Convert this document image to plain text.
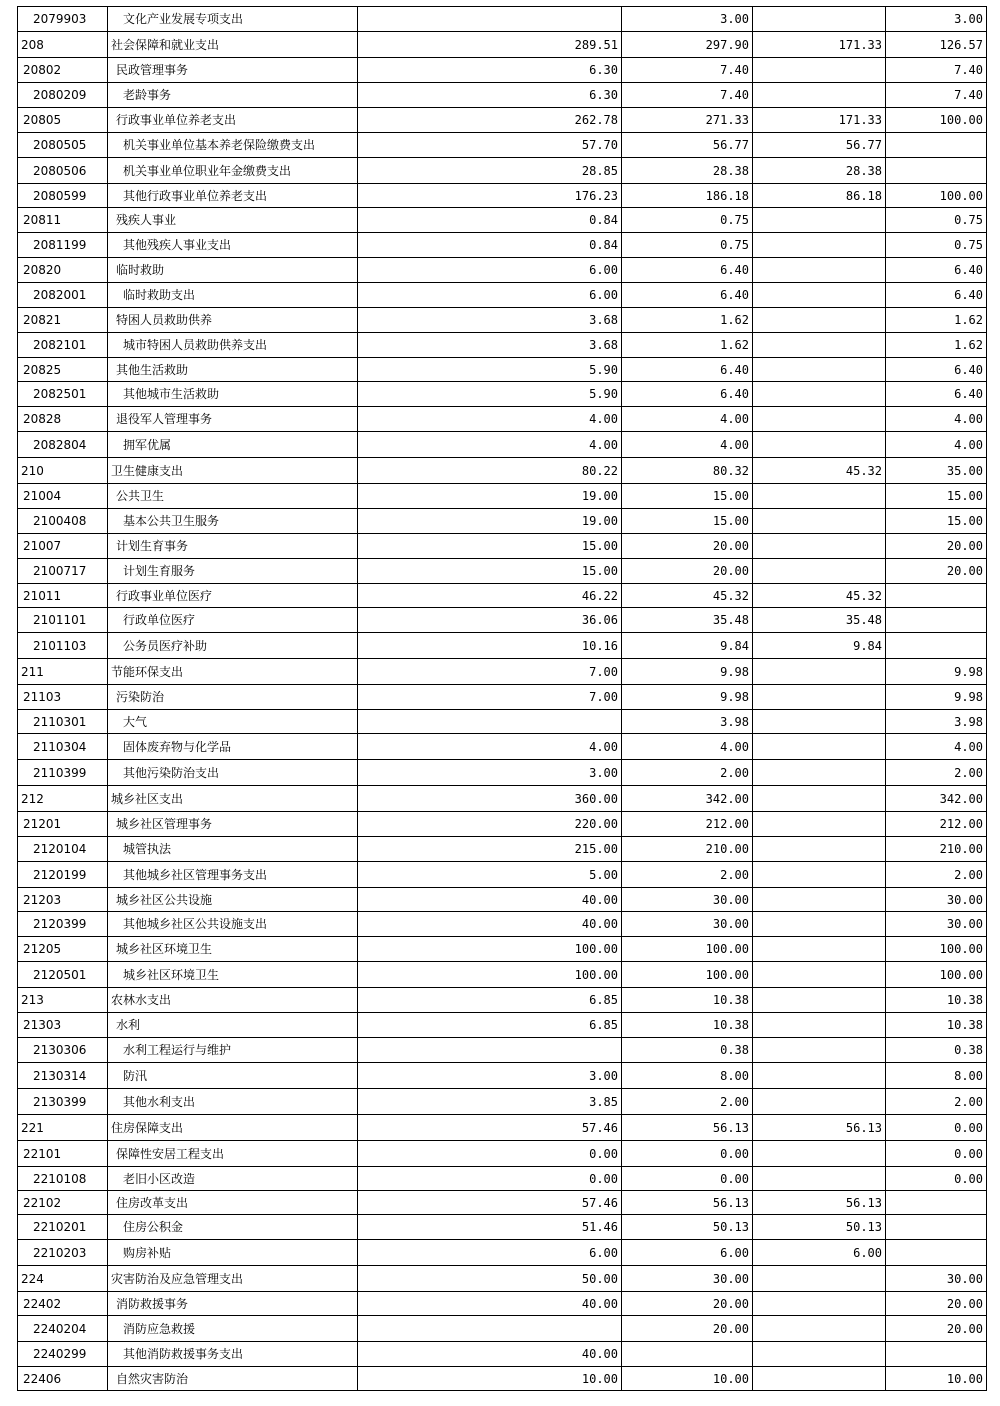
2079903	文化产业发展专项支出		3.00		3.00
208	社会保障和就业支出	289.51	297.90	171.33	126.57
20802	民政管理事务	6.30	7.40		7.40
2080209	老龄事务	6.30	7.40		7.40
20805	行政事业单位养老支出	262.78	271.33	171.33	100.00
2080505	机关事业单位基本养老保险缴费支出	57.70	56.77	56.77	
2080506	机关事业单位职业年金缴费支出	28.85	28.38	28.38	
2080599	其他行政事业单位养老支出	176.23	186.18	86.18	100.00
20811	残疾人事业	0.84	0.75		0.75
2081199	其他残疾人事业支出	0.84	0.75		0.75
20820	临时救助	6.00	6.40		6.40
2082001	临时救助支出	6.00	6.40		6.40
20821	特困人员救助供养	3.68	1.62		1.62
2082101	城市特困人员救助供养支出	3.68	1.62		1.62
20825	其他生活救助	5.90	6.40		6.40
2082501	其他城市生活救助	5.90	6.40		6.40
20828	退役军人管理事务	4.00	4.00		4.00
2082804	拥军优属	4.00	4.00		4.00
210	卫生健康支出	80.22	80.32	45.32	35.00
21004	公共卫生	19.00	15.00		15.00
2100408	基本公共卫生服务	19.00	15.00		15.00
21007	计划生育事务	15.00	20.00		20.00
2100717	计划生育服务	15.00	20.00		20.00
21011	行政事业单位医疗	46.22	45.32	45.32	
2101101	行政单位医疗	36.06	35.48	35.48	
2101103	公务员医疗补助	10.16	9.84	9.84	
211	节能环保支出	7.00	9.98		9.98
21103	污染防治	7.00	9.98		9.98
2110301	大气		3.98		3.98
2110304	固体废弃物与化学品	4.00	4.00		4.00
2110399	其他污染防治支出	3.00	2.00		2.00
212	城乡社区支出	360.00	342.00		342.00
21201	城乡社区管理事务	220.00	212.00		212.00
2120104	城管执法	215.00	210.00		210.00
2120199	其他城乡社区管理事务支出	5.00	2.00		2.00
21203	城乡社区公共设施	40.00	30.00		30.00
2120399	其他城乡社区公共设施支出	40.00	30.00		30.00
21205	城乡社区环境卫生	100.00	100.00		100.00
2120501	城乡社区环境卫生	100.00	100.00		100.00
213	农林水支出	6.85	10.38		10.38
21303	水利	6.85	10.38		10.38
2130306	水利工程运行与维护		0.38		0.38
2130314	防汛	3.00	8.00		8.00
2130399	其他水利支出	3.85	2.00		2.00
221	住房保障支出	57.46	56.13	56.13	0.00
22101	保障性安居工程支出	0.00	0.00		0.00
2210108	老旧小区改造	0.00	0.00		0.00
22102	住房改革支出	57.46	56.13	56.13	
2210201	住房公积金	51.46	50.13	50.13	
2210203	购房补贴	6.00	6.00	6.00	
224	灾害防治及应急管理支出	50.00	30.00		30.00
22402	消防救援事务	40.00	20.00		20.00
2240204	消防应急救援		20.00		20.00
2240299	其他消防救援事务支出	40.00			
22406	自然灾害防治	10.00	10.00		10.00
